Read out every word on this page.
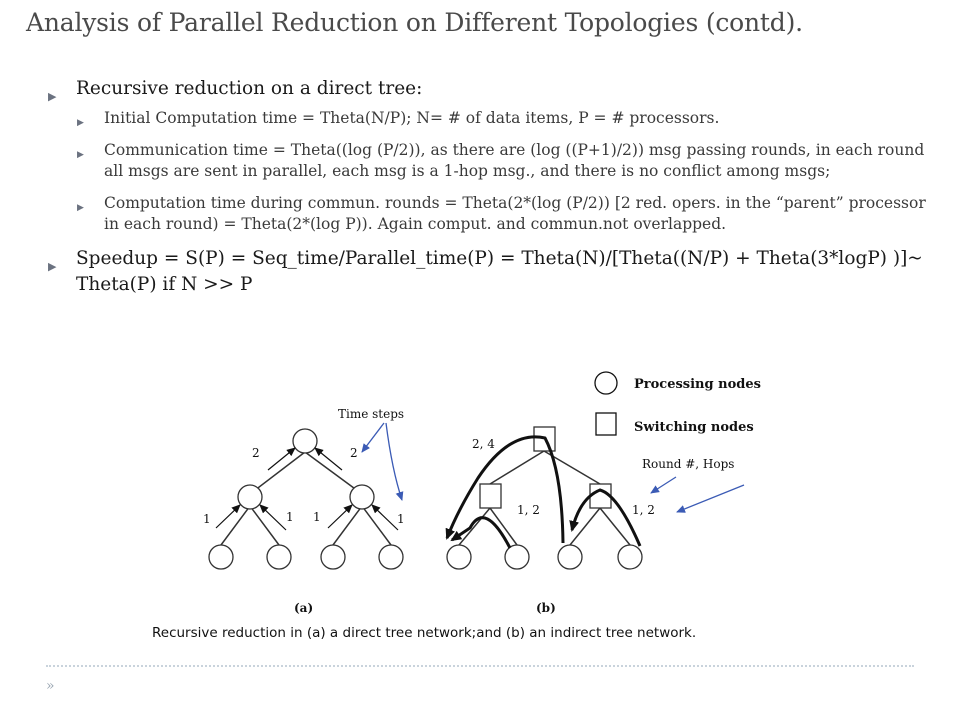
Analysis of Parallel Reduction on Different Topologies (contd).
▶ Recursive reduction on a direct tree:
▶ Initial Computation time = Theta(N/P); N= # of data items, P = # processors.
▶ Communication time = Theta((log (P/2)), as there are (log ((P+1)/2)) msg passing rounds, in each round all msgs are sent in parallel, each msg is a 1-hop msg., and there is no conflict among msgs;
▶ Computation time during commun. rounds = Theta(2*(log (P/2)) [2 red. opers. in the “parent” processor in each round) = Theta(2*(log P)). Again comput. and commun.not overlapped.
▶ Speedup = S(P) = Seq_time/Parallel_time(P) = Theta(N)/[Theta((N/P) + Theta(3*logP) )]~ Theta(P) if N >> P
Processing nodes
Switching nodes
2	2
1	1 1	1
Time steps
(a)
2, 4
1, 2	1, 2
Round #, Hops
(b)
Recursive reduction in (a) a direct tree network;and (b) an indirect tree network.
»
